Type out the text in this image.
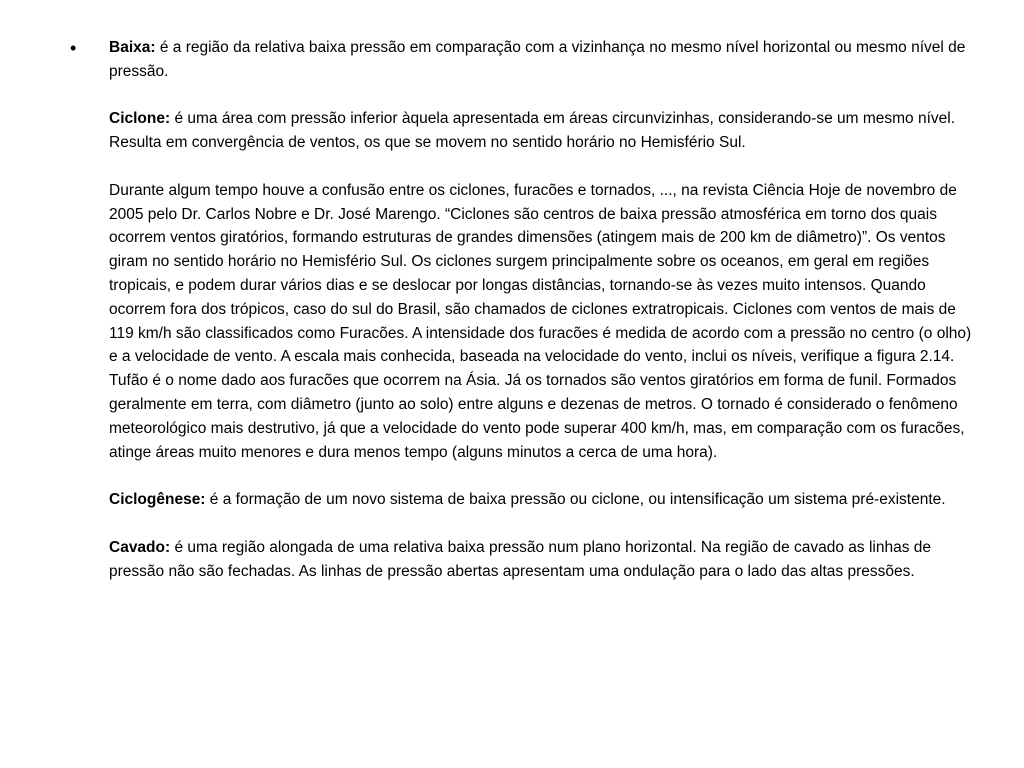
• Baixa: é a região da relativa baixa pressão em comparação com a vizinhança no mesmo nível horizontal ou mesmo nível de pressão.

Ciclone: é uma área com pressão inferior àquela apresentada em áreas circunvizinhas, considerando-se um mesmo nível. Resulta em convergência de ventos, os que se movem no sentido horário no Hemisfério Sul.

Durante algum tempo houve a confusão entre os ciclones, furacões e tornados, ..., na revista Ciência Hoje de novembro de 2005 pelo Dr. Carlos Nobre e Dr. José Marengo. “Ciclones são centros de baixa pressão atmosférica em torno dos quais ocorrem ventos giratórios, formando estruturas de grandes dimensões (atingem mais de 200 km de diâmetro)”. Os ventos giram no sentido horário no Hemisfério Sul. Os ciclones surgem principalmente sobre os oceanos, em geral em regiões tropicais, e podem durar vários dias e se deslocar por longas distâncias, tornando-se às vezes muito intensos. Quando ocorrem fora dos trópicos, caso do sul do Brasil, são chamados de ciclones extratropicais. Ciclones com ventos de mais de 119 km/h são classificados como Furacões. A intensidade dos furacões é medida de acordo com a pressão no centro (o olho) e a velocidade de vento. A escala mais conhecida, baseada na velocidade do vento, inclui os níveis, verifique a figura 2.14. Tufão é o nome dado aos furacões que ocorrem na Ásia. Já os tornados são ventos giratórios em forma de funil. Formados geralmente em terra, com diâmetro (junto ao solo) entre alguns e dezenas de metros. O tornado é considerado o fenômeno meteorológico mais destrutivo, já que a velocidade do vento pode superar 400 km/h, mas, em comparação com os furacões, atinge áreas muito menores e dura menos tempo (alguns minutos a cerca de uma hora).

Ciclogênese: é a formação de um novo sistema de baixa pressão ou ciclone, ou intensificação um sistema pré-existente.

Cavado: é uma região alongada de uma relativa baixa pressão num plano horizontal. Na região de cavado as linhas de pressão não são fechadas. As linhas de pressão abertas apresentam uma ondulação para o lado das altas pressões.
